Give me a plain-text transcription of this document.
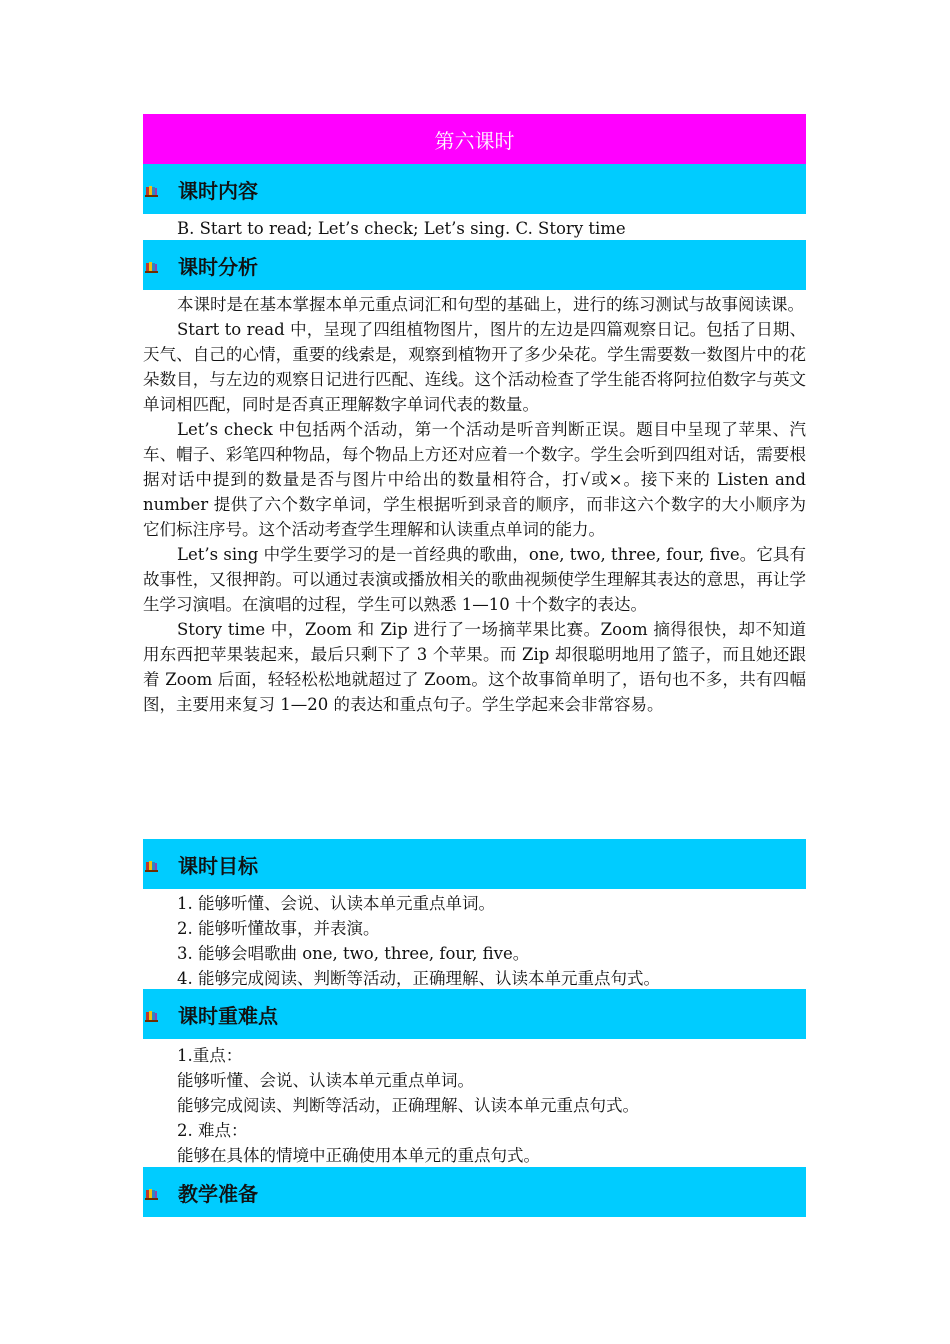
第六课时
课时内容

B. Start to read; Let’s check; Let’s sing. C. Story time

课时分析

本课时是在基本掌握本单元重点词汇和句型的基础上，进行的练习测试与故事阅读课。

Start to read 中，呈现了四组植物图片，图片的左边是四篇观察日记。包括了日期、天气、自己的心情，重要的线索是，观察到植物开了多少朵花。学生需要数一数图片中的花朵数目，与左边的观察日记进行匹配、连线。这个活动检查了学生能否将阿拉伯数字与英文单词相匹配，同时是否真正理解数字单词代表的数量。

Let’s check 中包括两个活动，第一个活动是听音判断正误。题目中呈现了苹果、汽车、帽子、彩笔四种物品，每个物品上方还对应着一个数字。学生会听到四组对话，需要根据对话中提到的数量是否与图片中给出的数量相符合，打√或×。接下来的 Listen and number 提供了六个数字单词，学生根据听到录音的顺序，而非这六个数字的大小顺序为它们标注序号。这个活动考查学生理解和认读重点单词的能力。

Let’s sing 中学生要学习的是一首经典的歌曲，one, two, three, four, five。它具有故事性，又很押韵。可以通过表演或播放相关的歌曲视频使学生理解其表达的意思，再让学生学习演唱。在演唱的过程，学生可以熟悉 1—10 十个数字的表达。

Story time 中，Zoom 和 Zip 进行了一场摘苹果比赛。Zoom 摘得很快，却不知道用东西把苹果装起来，最后只剩下了 3 个苹果。而 Zip 却很聪明地用了篮子，而且她还跟着 Zoom 后面，轻轻松松地就超过了 Zoom。这个故事简单明了，语句也不多，共有四幅图，主要用来复习 1—20 的表达和重点句子。学生学起来会非常容易。

课时目标

1. 能够听懂、会说、认读本单元重点单词。

2. 能够听懂故事，并表演。

3. 能够会唱歌曲 one, two, three, four, five。

4. 能够完成阅读、判断等活动，正确理解、认读本单元重点句式。

课时重难点

1.重点：

能够听懂、会说、认读本单元重点单词。

能够完成阅读、判断等活动，正确理解、认读本单元重点句式。

2. 难点：

能够在具体的情境中正确使用本单元的重点句式。

教学准备
